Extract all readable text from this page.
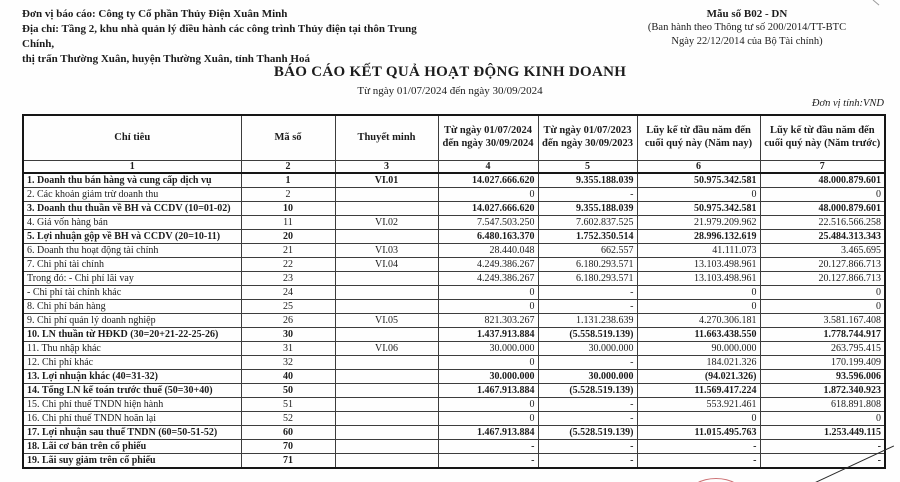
Đơn vị báo cáo: Công ty Cổ phần Thủy Điện Xuân Minh
Địa chỉ: Tầng 2, khu nhà quản lý điều hành các công trình Thủy điện tại thôn Trung Chính,
thị trấn Thường Xuân, huyện Thường Xuân, tỉnh Thanh Hoá
Mẫu số B02 - DN
(Ban hành theo Thông tư số 200/2014/TT-BTC
Ngày 22/12/2014 của Bộ Tài chính)
BÁO CÁO KẾT QUẢ HOẠT ĐỘNG KINH DOANH
Từ ngày 01/07/2024 đến ngày 30/09/2024
Đơn vị tính:VND
Chỉ tiêu	Mã số	Thuyết minh	Từ ngày 01/07/2024 đến ngày 30/09/2024	Từ ngày 01/07/2023 đến ngày 30/09/2023	Lũy kế từ đầu năm đến cuối quý này (Năm nay)	Lũy kế từ đầu năm đến cuối quý này (Năm trước)
1	2	3	4	5	6	7
1. Doanh thu bán hàng và cung cấp dịch vụ	1	VI.01	14.027.666.620	9.355.188.039	50.975.342.581	48.000.879.601
2. Các khoản giảm trừ doanh thu	2		0	-	0	0
3. Doanh thu thuần về BH và CCDV (10=01-02)	10		14.027.666.620	9.355.188.039	50.975.342.581	48.000.879.601
4. Giá vốn hàng bán	11	VI.02	7.547.503.250	7.602.837.525	21.979.209.962	22.516.566.258
5. Lợi nhuận gộp về BH và CCDV (20=10-11)	20		6.480.163.370	1.752.350.514	28.996.132.619	25.484.313.343
6. Doanh thu hoạt động tài chính	21	VI.03	28.440.048	662.557	41.111.073	3.465.695
7. Chi phí tài chính	22	VI.04	4.249.386.267	6.180.293.571	13.103.498.961	20.127.866.713
Trong đó: - Chi phí lãi vay	23		4.249.386.267	6.180.293.571	13.103.498.961	20.127.866.713
- Chi phí tài chính khác	24		0	-	0	0
8. Chi phí bán hàng	25		0	-	0	0
9. Chi phí quản lý doanh nghiệp	26	VI.05	821.303.267	1.131.238.639	4.270.306.181	3.581.167.408
10. LN thuần từ HĐKD (30=20+21-22-25-26)	30		1.437.913.884	(5.558.519.139)	11.663.438.550	1.778.744.917
11. Thu nhập khác	31	VI.06	30.000.000	30.000.000	90.000.000	263.795.415
12. Chi phí khác	32		0	-	184.021.326	170.199.409
13. Lợi nhuận khác (40=31-32)	40		30.000.000	30.000.000	(94.021.326)	93.596.006
14. Tổng LN kế toán trước thuế (50=30+40)	50		1.467.913.884	(5.528.519.139)	11.569.417.224	1.872.340.923
15. Chi phí thuế TNDN hiện hành	51		0	-	553.921.461	618.891.808
16. Chi phí thuế TNDN hoãn lại	52		0	-	0	0
17. Lợi nhuận sau thuế TNDN (60=50-51-52)	60		1.467.913.884	(5.528.519.139)	11.015.495.763	1.253.449.115
18. Lãi cơ bản trên cổ phiếu	70		-	-	-	-
19. Lãi suy giảm trên cổ phiếu	71		-	-	-	-
